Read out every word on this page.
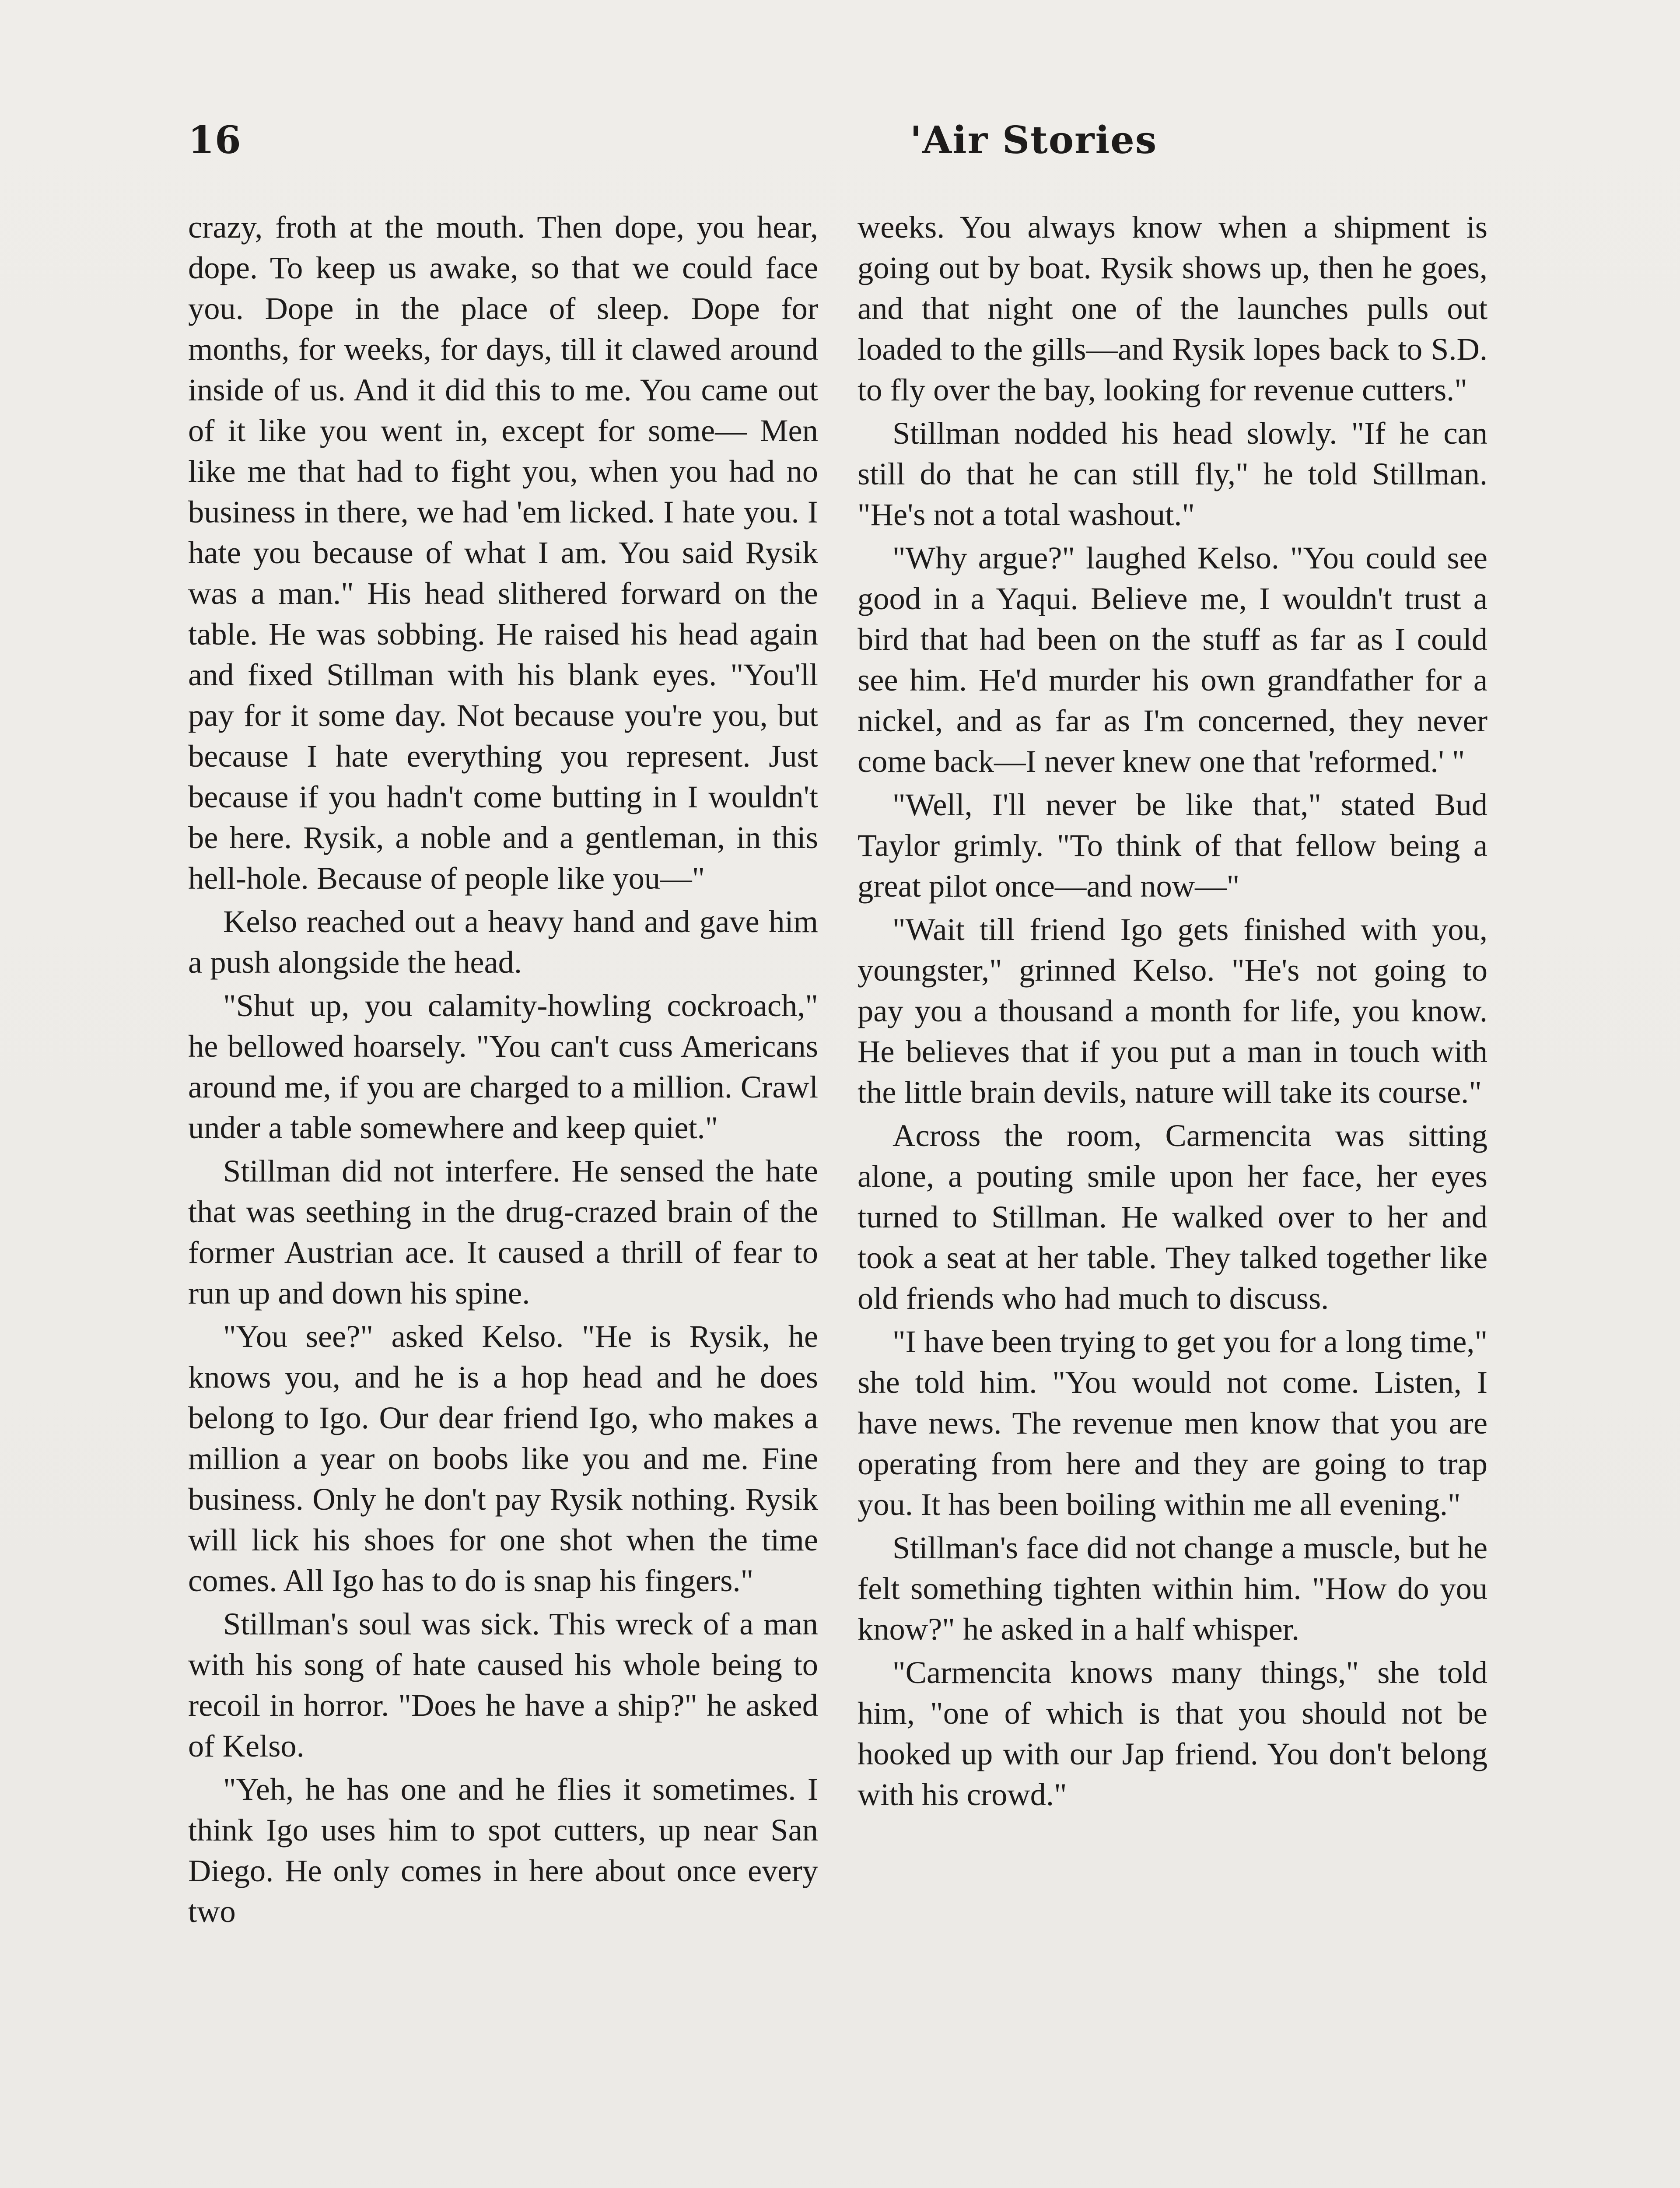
16	'Air Stories

crazy, froth at the mouth. Then dope, you hear, dope. To keep us awake, so that we could face you. Dope in the place of sleep. Dope for months, for weeks, for days, till it clawed around inside of us. And it did this to me. You came out of it like you went in, except for some— Men like me that had to fight you, when you had no business in there, we had 'em licked. I hate you. I hate you because of what I am. You said Rysik was a man." His head slithered forward on the table. He was sobbing. He raised his head again and fixed Stillman with his blank eyes. "You'll pay for it some day. Not because you're you, but because I hate everything you represent. Just because if you hadn't come butting in I wouldn't be here. Rysik, a noble and a gentleman, in this hell-hole. Because of people like you—"

Kelso reached out a heavy hand and gave him a push alongside the head.

"Shut up, you calamity-howling cockroach," he bellowed hoarsely. "You can't cuss Americans around me, if you are charged to a million. Crawl under a table somewhere and keep quiet."

Stillman did not interfere. He sensed the hate that was seething in the drug-crazed brain of the former Austrian ace. It caused a thrill of fear to run up and down his spine.

"You see?" asked Kelso. "He is Rysik, he knows you, and he is a hop head and he does belong to Igo. Our dear friend Igo, who makes a million a year on boobs like you and me. Fine business. Only he don't pay Rysik nothing. Rysik will lick his shoes for one shot when the time comes. All Igo has to do is snap his fingers."

Stillman's soul was sick. This wreck of a man with his song of hate caused his whole being to recoil in horror. "Does he have a ship?" he asked of Kelso.

"Yeh, he has one and he flies it sometimes. I think Igo uses him to spot cutters, up near San Diego. He only comes in here about once every two

weeks. You always know when a shipment is going out by boat. Rysik shows up, then he goes, and that night one of the launches pulls out loaded to the gills—and Rysik lopes back to S.D. to fly over the bay, looking for revenue cutters."

Stillman nodded his head slowly. "If he can still do that he can still fly," he told Stillman. "He's not a total washout."

"Why argue?" laughed Kelso. "You could see good in a Yaqui. Believe me, I wouldn't trust a bird that had been on the stuff as far as I could see him. He'd murder his own grandfather for a nickel, and as far as I'm concerned, they never come back—I never knew one that 'reformed.' "

"Well, I'll never be like that," stated Bud Taylor grimly. "To think of that fellow being a great pilot once—and now—"

"Wait till friend Igo gets finished with you, youngster," grinned Kelso. "He's not going to pay you a thousand a month for life, you know. He believes that if you put a man in touch with the little brain devils, nature will take its course."

Across the room, Carmencita was sitting alone, a pouting smile upon her face, her eyes turned to Stillman. He walked over to her and took a seat at her table. They talked together like old friends who had much to discuss.

"I have been trying to get you for a long time," she told him. "You would not come. Listen, I have news. The revenue men know that you are operating from here and they are going to trap you. It has been boiling within me all evening."

Stillman's face did not change a muscle, but he felt something tighten within him. "How do you know?" he asked in a half whisper.

"Carmencita knows many things," she told him, "one of which is that you should not be hooked up with our Jap friend. You don't belong with his crowd."
